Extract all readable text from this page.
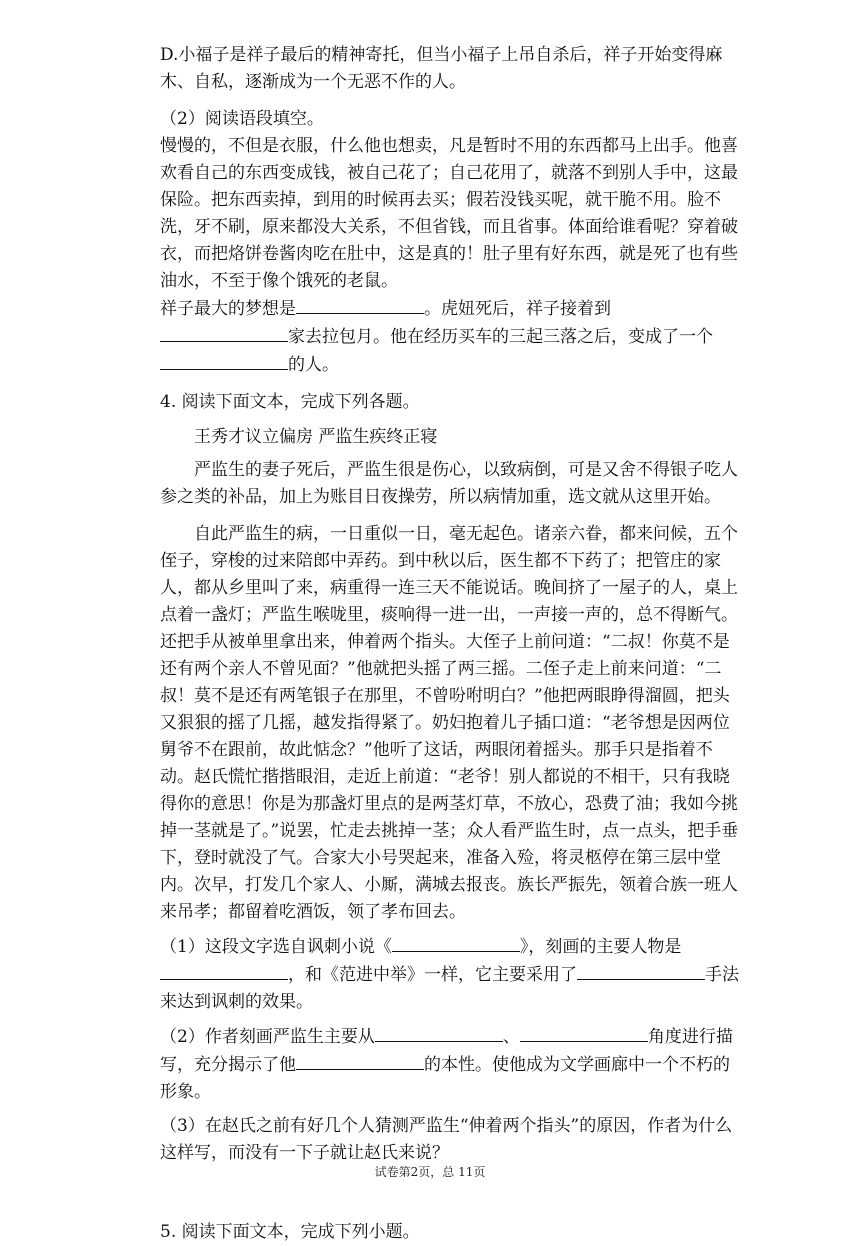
D.小福子是祥子最后的精神寄托，但当小福子上吊自杀后，祥子开始变得麻木、自私，逐渐成为一个无恶不作的人。

（2）阅读语段填空。

慢慢的，不但是衣服，什么他也想卖，凡是暂时不用的东西都马上出手。他喜欢看自己的东西变成钱，被自己花了；自己花用了，就落不到别人手中，这最保险。把东西卖掉，到用的时候再去买；假若没钱买呢，就干脆不用。脸不洗，牙不刷，原来都没大关系，不但省钱，而且省事。体面给谁看呢？穿着破衣，而把烙饼卷酱肉吃在肚中，这是真的！肚子里有好东西，就是死了也有些油水，不至于像个饿死的老鼠。

祥子最大的梦想是	。虎妞死后，祥子接着到
家去拉包月。他在经历买车的三起三落之后，变成了一个
的人。

4. 阅读下面文本，完成下列各题。

王秀才议立偏房 严监生疾终正寝

严监生的妻子死后，严监生很是伤心，以致病倒，可是又舍不得银子吃人参之类的补品，加上为账目日夜操劳，所以病情加重，选文就从这里开始。

自此严监生的病，一日重似一日，毫无起色。诸亲六眷，都来问候，五个侄子，穿梭的过来陪郎中弄药。到中秋以后，医生都不下药了；把管庄的家人，都从乡里叫了来，病重得一连三天不能说话。晚间挤了一屋子的人，桌上点着一盏灯；严监生喉咙里，痰响得一进一出，一声接一声的，总不得断气。还把手从被单里拿出来，伸着两个指头。大侄子上前问道：“二叔！你莫不是还有两个亲人不曾见面？”他就把头摇了两三摇。二侄子走上前来问道：“二叔！莫不是还有两笔银子在那里，不曾吩咐明白？”他把两眼睁得溜圆，把头又狠狠的摇了几摇，越发指得紧了。奶妇抱着儿子插口道：“老爷想是因两位舅爷不在跟前，故此惦念？”他听了这话，两眼闭着摇头。那手只是指着不动。赵氏慌忙揩揩眼泪，走近上前道：“老爷！别人都说的不相干，只有我晓得你的意思！你是为那盏灯里点的是两茎灯草，不放心，恐费了油；我如今挑掉一茎就是了。”说罢，忙走去挑掉一茎；众人看严监生时，点一点头，把手垂下，登时就没了气。合家大小号哭起来，准备入殓，将灵柩停在第三层中堂内。次早，打发几个家人、小厮，满城去报丧。族长严振先，领着合族一班人来吊孝；都留着吃酒饭，领了孝布回去。

（1）这段文字选自讽刺小说《	》，刻画的主要人物是，和《范进中举》一样，它主要采用了	手法来达到讽刺的效果。

（2）作者刻画严监生主要从	、	角度进行描写，充分揭示了他	的本性。使他成为文学画廊中一个不朽的形象。

（3）在赵氏之前有好几个人猜测严监生“伸着两个指头”的原因，作者为什么这样写，而没有一下子就让赵氏来说？

5. 阅读下面文本，完成下列小题。

试卷第2页，总 11页
